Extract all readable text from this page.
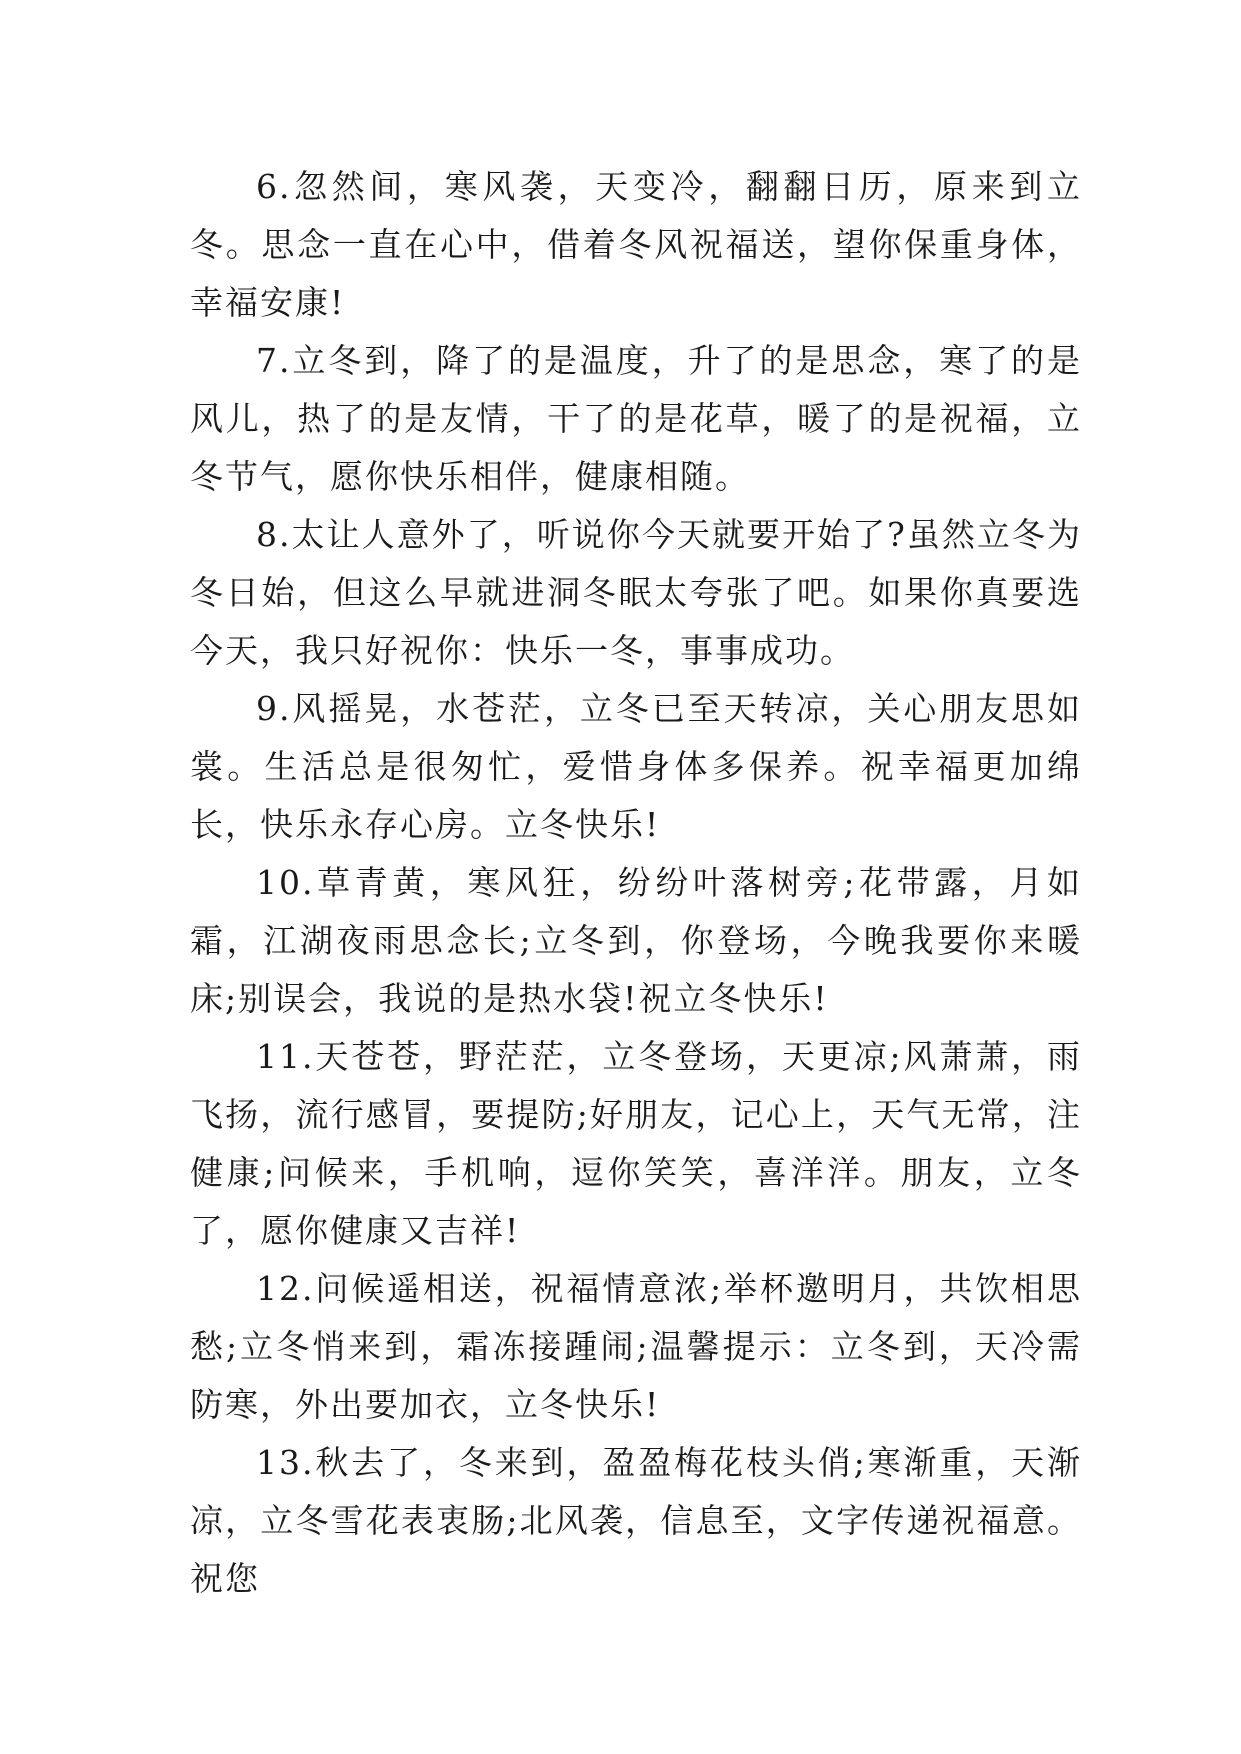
6.忽然间，寒风袭，天变冷，翻翻日历，原来到立冬。思念一直在心中，借着冬风祝福送，望你保重身体，幸福安康!

7.立冬到，降了的是温度，升了的是思念，寒了的是风儿，热了的是友情，干了的是花草，暖了的是祝福，立冬节气，愿你快乐相伴，健康相随。

8.太让人意外了，听说你今天就要开始了?虽然立冬为冬日始，但这么早就进洞冬眠太夸张了吧。如果你真要选今天，我只好祝你：快乐一冬，事事成功。

9.风摇晃，水苍茫，立冬已至天转凉，关心朋友思如裳。生活总是很匆忙，爱惜身体多保养。祝幸福更加绵长，快乐永存心房。立冬快乐!

10.草青黄，寒风狂，纷纷叶落树旁;花带露，月如霜，江湖夜雨思念长;立冬到，你登场，今晚我要你来暖床;别误会，我说的是热水袋!祝立冬快乐!

11.天苍苍，野茫茫，立冬登场，天更凉;风萧萧，雨飞扬，流行感冒，要提防;好朋友，记心上，天气无常，注健康;问候来，手机响，逗你笑笑，喜洋洋。朋友，立冬了，愿你健康又吉祥!

12.问候遥相送，祝福情意浓;举杯邀明月，共饮相思愁;立冬悄来到，霜冻接踵闹;温馨提示：立冬到，天冷需防寒，外出要加衣，立冬快乐!

13.秋去了，冬来到，盈盈梅花枝头俏;寒渐重，天渐凉，立冬雪花表衷肠;北风袭，信息至，文字传递祝福意。祝您
